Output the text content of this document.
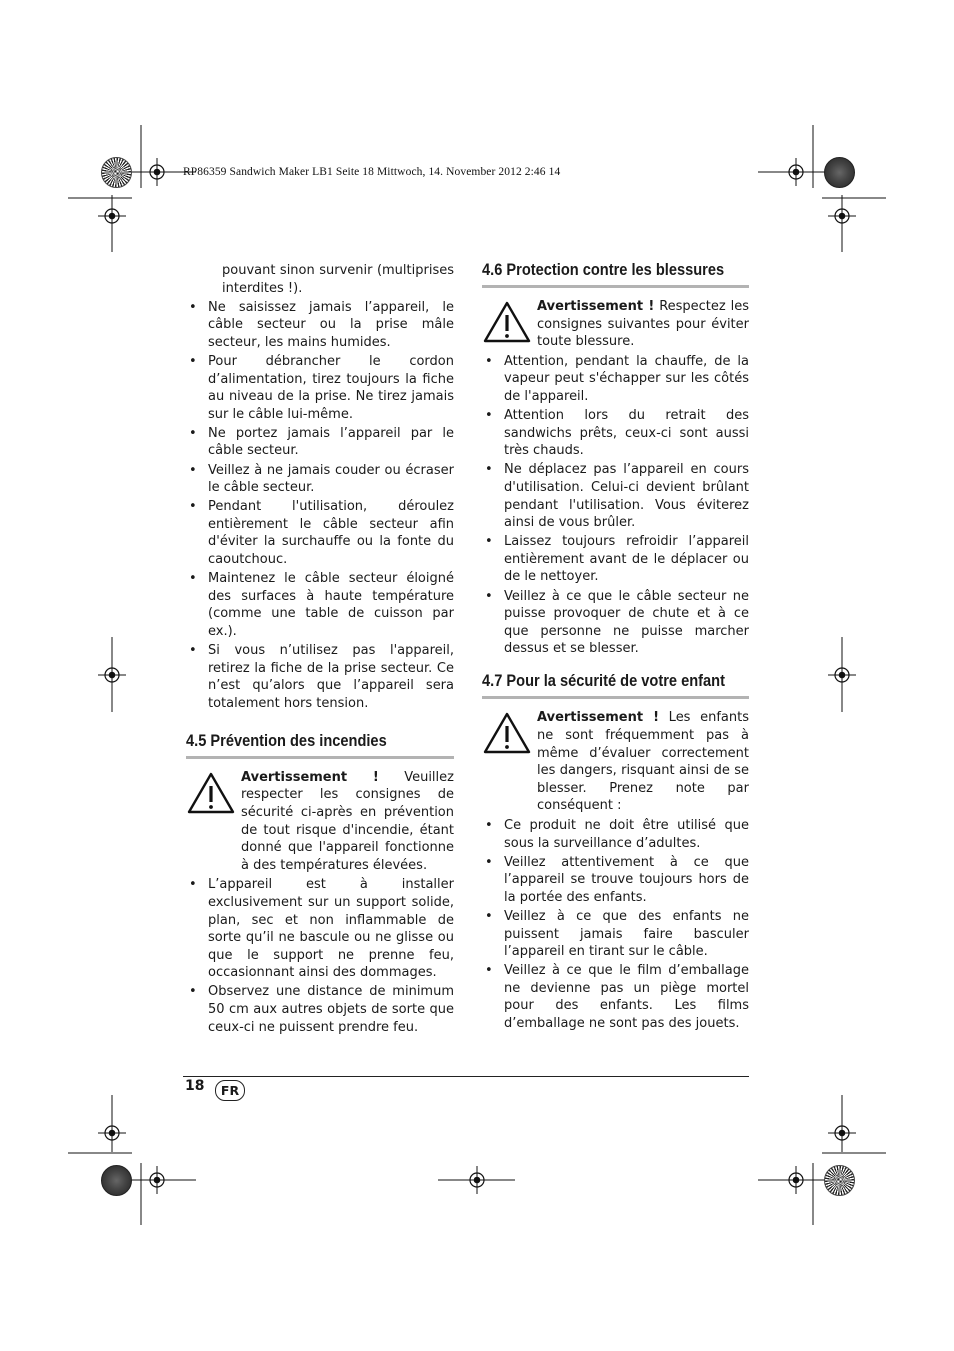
RP86359 Sandwich Maker LB1 Seite 18 Mittwoch, 14. November 2012 2:46 14
pouvant sinon survenir (multiprises interdites !).
• Ne saisissez jamais l’appareil, le câble secteur ou la prise mâle secteur, les mains humides.
• Pour débrancher le cordon d’alimentation, tirez toujours la fiche au niveau de la prise. Ne tirez jamais sur le câble lui-même.
• Ne portez jamais l’appareil par le câble secteur.
• Veillez à ne jamais couder ou écraser le câble secteur.
• Pendant l'utilisation, déroulez entièrement le câble secteur afin d'éviter la surchauffe ou la fonte du caoutchouc.
• Maintenez le câble secteur éloigné des surfaces à haute température (comme une table de cuisson par ex.).
• Si vous n’utilisez pas l'appareil, retirez la fiche de la prise secteur. Ce n’est qu’alors que l’appareil sera totalement hors tension.
4.5 Prévention des incendies
Avertissement ! Veuillez respecter les consignes de sécurité ci-après en prévention de tout risque d'incendie, étant donné que l'appareil fonctionne à des températures élevées.
• L’appareil est à installer exclusivement sur un support solide, plan, sec et non inflammable de sorte qu’il ne bascule ou ne glisse ou que le support ne prenne feu, occasionnant ainsi des dommages.
• Observez une distance de minimum 50 cm aux autres objets de sorte que ceux-ci ne puissent prendre feu.
4.6 Protection contre les blessures
Avertissement ! Respectez les consignes suivantes pour éviter toute blessure.
• Attention, pendant la chauffe, de la vapeur peut s'échapper sur les côtés de l'appareil.
• Attention lors du retrait des sandwichs prêts, ceux-ci sont aussi très chauds.
• Ne déplacez pas l’appareil en cours d'utilisation. Celui-ci devient brûlant pendant l'utilisation. Vous éviterez ainsi de vous brûler.
• Laissez toujours refroidir l’appareil entièrement avant de le déplacer ou de le nettoyer.
• Veillez à ce que le câble secteur ne puisse provoquer de chute et à ce que personne ne puisse marcher dessus et se blesser.
4.7 Pour la sécurité de votre enfant
Avertissement ! Les enfants ne sont fréquemment pas à même d’évaluer correctement les dangers, risquant ainsi de se blesser. Prenez note par conséquent :
• Ce produit ne doit être utilisé que sous la surveillance d’adultes.
• Veillez attentivement à ce que l’appareil se trouve toujours hors de la portée des enfants.
• Veillez à ce que des enfants ne puissent jamais faire basculer l’appareil en tirant sur le câble.
• Veillez à ce que le film d’emballage ne devienne pas un piège mortel pour des enfants. Les films d’emballage ne sont pas des jouets.
18	FR
